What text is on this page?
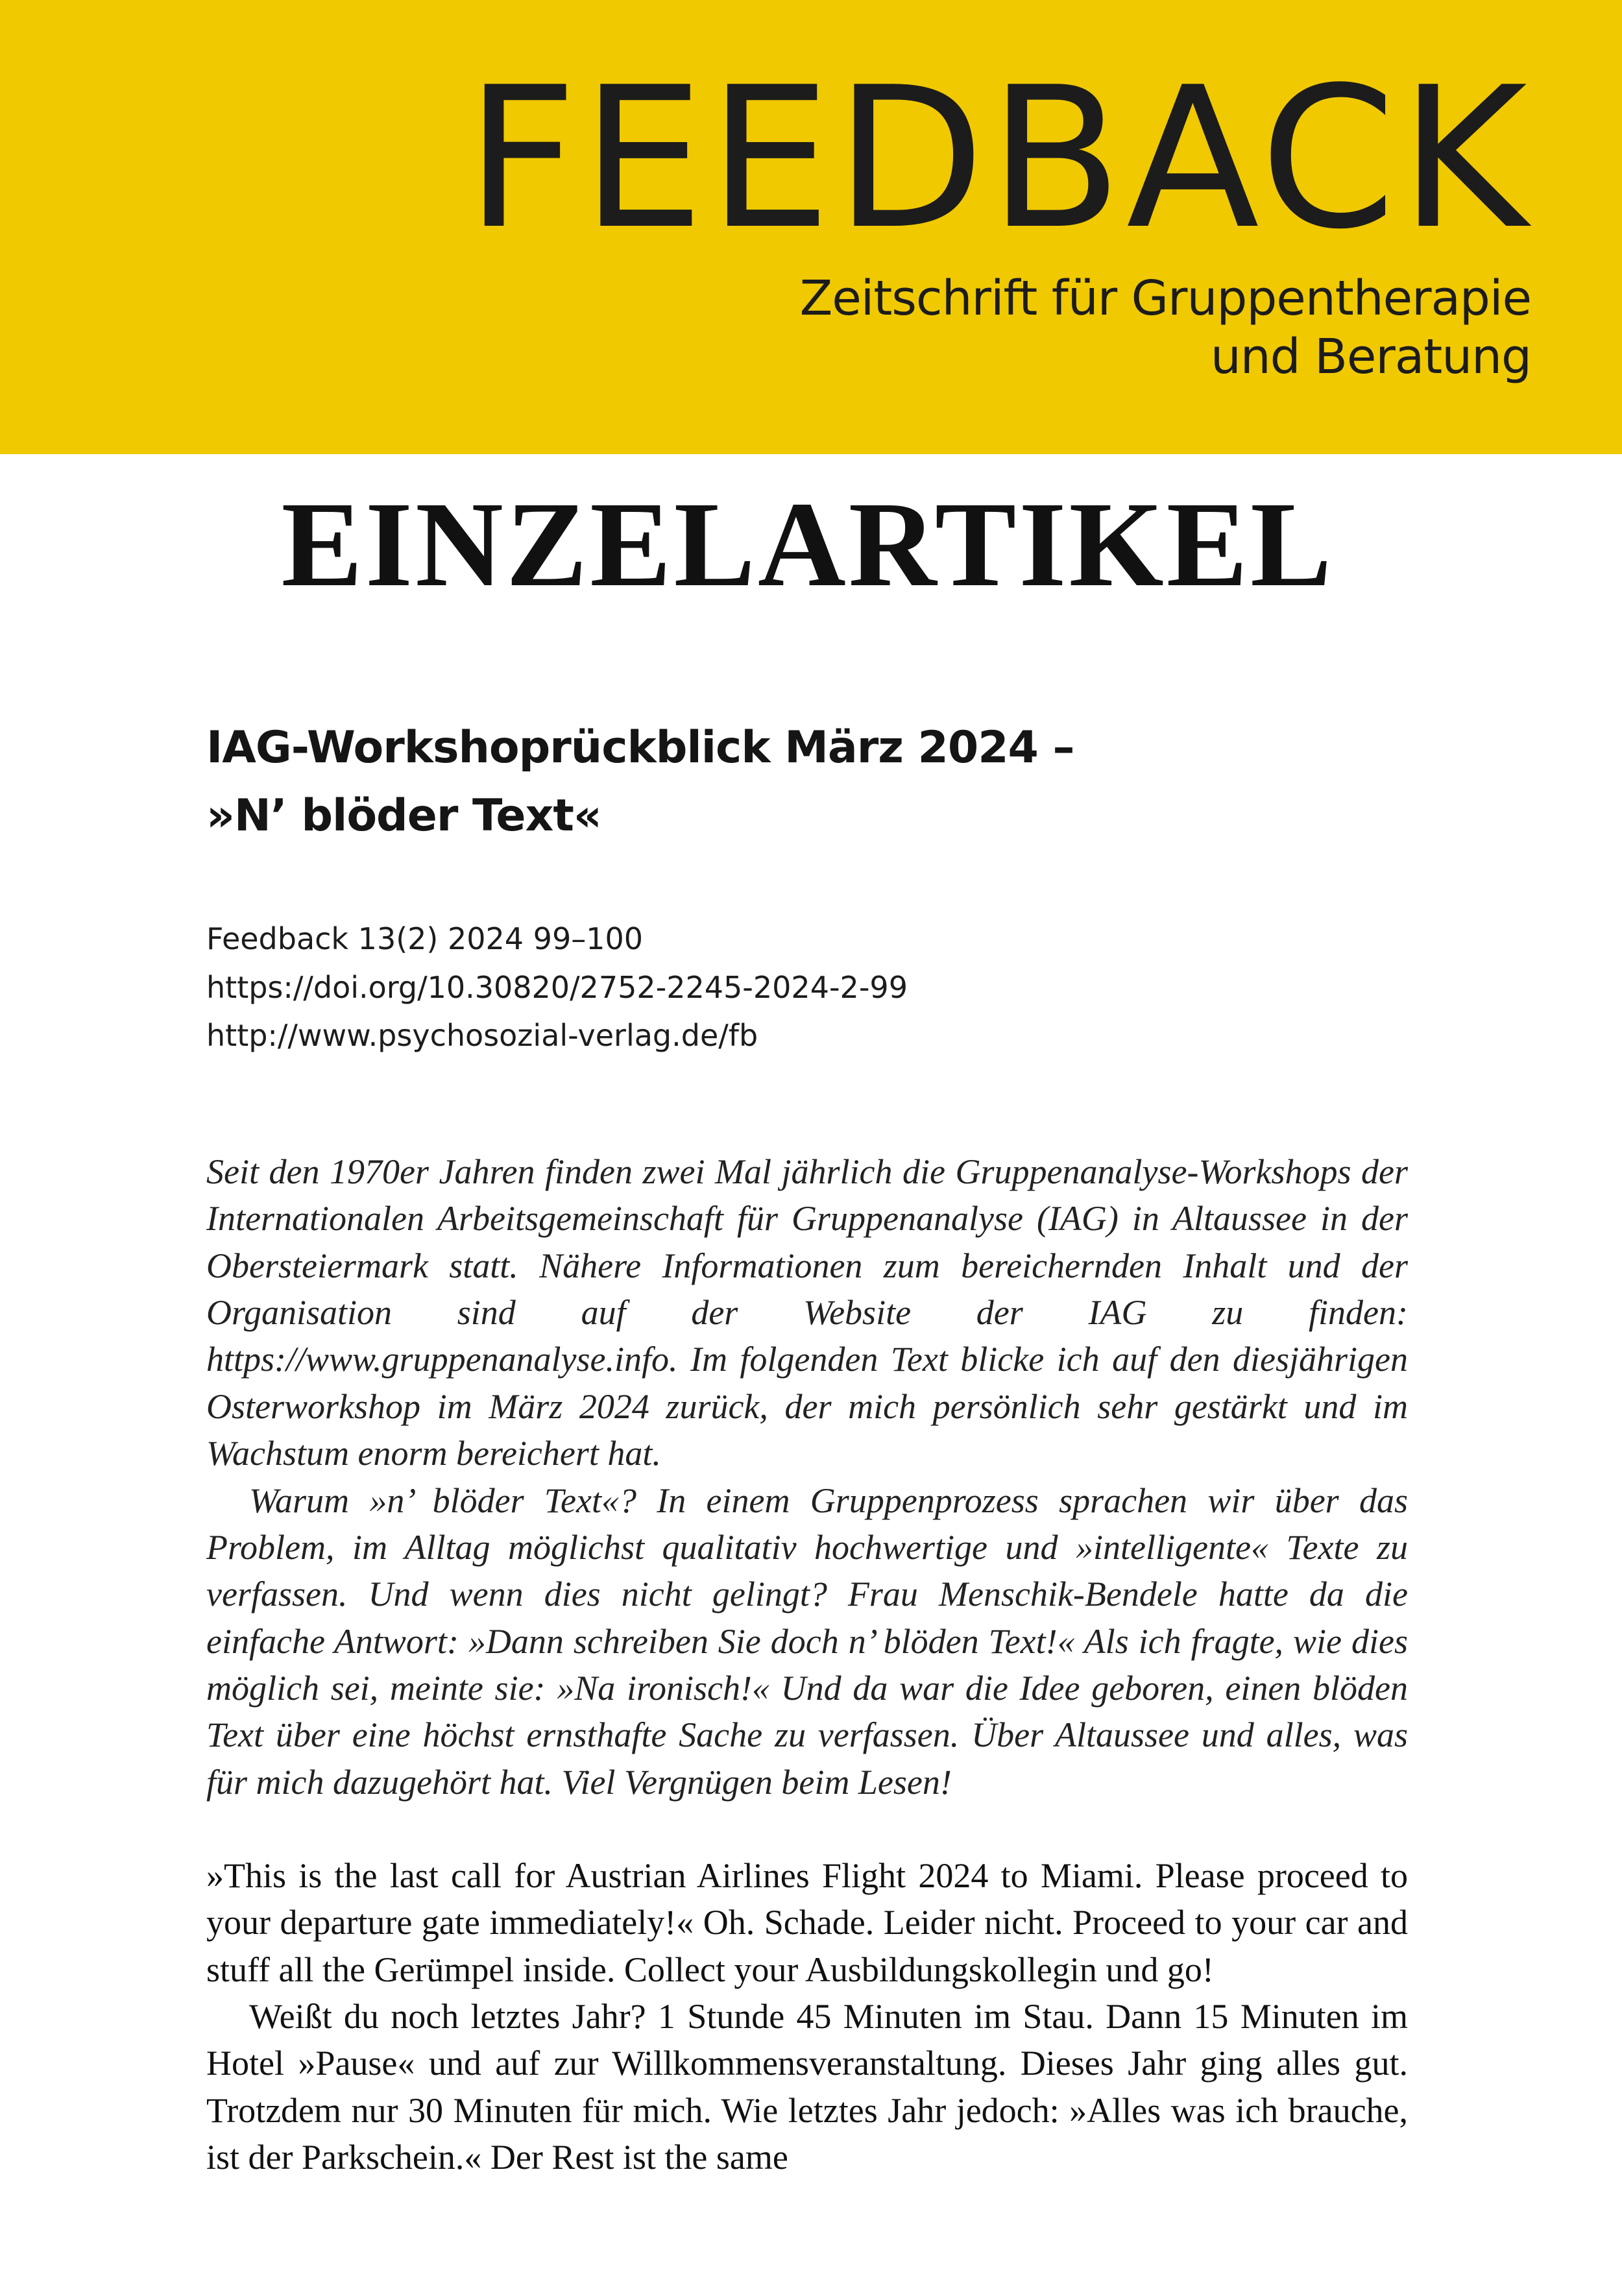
FEEDBACK
Zeitschrift für Gruppentherapie
und Beratung
EINZELARTIKEL
IAG-Workshoprückblick März 2024 –
»N’ blöder Text«
Feedback 13(2) 2024 99–100
https://doi.org/10.30820/2752-2245-2024-2-99
http://www.psychosozial-verlag.de/fb

Seit den 1970er Jahren finden zwei Mal jährlich die Gruppenanalyse-Workshops der Internationalen Arbeitsgemeinschaft für Gruppenanalyse (IAG) in Altaussee in der Obersteiermark statt. Nähere Informationen zum bereichernden Inhalt und der Organisation sind auf der Website der IAG zu finden: https://www.gruppenanalyse.info. Im folgenden Text blicke ich auf den diesjährigen Osterworkshop im März 2024 zurück, der mich persönlich sehr gestärkt und im Wachstum enorm bereichert hat.

Warum »n’ blöder Text«? In einem Gruppenprozess sprachen wir über das Problem, im Alltag möglichst qualitativ hochwertige und »intelligente« Texte zu verfassen. Und wenn dies nicht gelingt? Frau Menschik-Bendele hatte da die einfache Antwort: »Dann schreiben Sie doch n’ blöden Text!« Als ich fragte, wie dies möglich sei, meinte sie: »Na ironisch!« Und da war die Idee geboren, einen blöden Text über eine höchst ernsthafte Sache zu verfassen. Über Altaussee und alles, was für mich dazugehört hat. Viel Vergnügen beim Lesen!

»This is the last call for Austrian Airlines Flight 2024 to Miami. Please proceed to your departure gate immediately!« Oh. Schade. Leider nicht. Proceed to your car and stuff all the Gerümpel inside. Collect your Ausbildungskollegin und go!

Weißt du noch letztes Jahr? 1 Stunde 45 Minuten im Stau. Dann 15 Minuten im Hotel »Pause« und auf zur Willkommensveranstaltung. Dieses Jahr ging alles gut. Trotzdem nur 30 Minuten für mich. Wie letztes Jahr jedoch: »Alles was ich brauche, ist der Parkschein.« Der Rest ist the same
